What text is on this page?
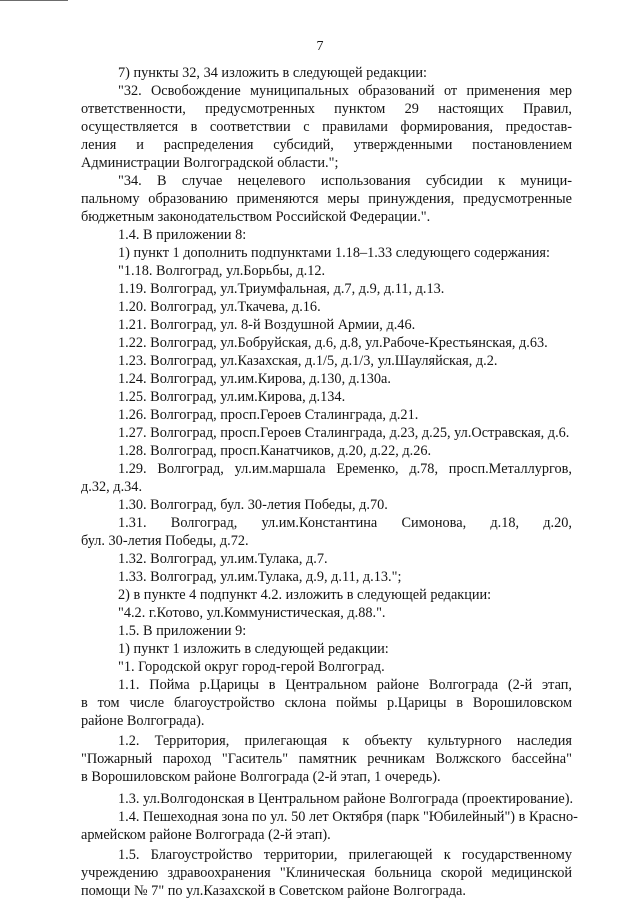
7
7) пункты 32, 34 изложить в следующей редакции:
"32. Освобождение муниципальных образований от применения мер
ответственности, предусмотренных пунктом 29 настоящих Правил,
осуществляется в соответствии с правилами формирования, предостав-
ления и распределения субсидий, утвержденными постановлением
Администрации Волгоградской области.";
"34. В случае нецелевого использования субсидии к муници-
пальному образованию применяются меры принуждения, предусмотренные
бюджетным законодательством Российской Федерации.".
1.4. В приложении 8:
1) пункт 1 дополнить подпунктами 1.18–1.33 следующего содержания:
"1.18. Волгоград, ул.Борьбы, д.12.
1.19. Волгоград, ул.Триумфальная, д.7, д.9, д.11, д.13.
1.20. Волгоград, ул.Ткачева, д.16.
1.21. Волгоград, ул. 8-й Воздушной Армии, д.46.
1.22. Волгоград, ул.Бобруйская, д.6, д.8, ул.Рабоче-Крестьянская, д.63.
1.23. Волгоград, ул.Казахская, д.1/5, д.1/3, ул.Шауляйская, д.2.
1.24. Волгоград, ул.им.Кирова, д.130, д.130а.
1.25. Волгоград, ул.им.Кирова, д.134.
1.26. Волгоград, просп.Героев Сталинграда, д.21.
1.27. Волгоград, просп.Героев Сталинграда, д.23, д.25, ул.Остравская, д.6.
1.28. Волгоград, просп.Канатчиков, д.20, д.22, д.26.
1.29. Волгоград, ул.им.маршала Еременко, д.78, просп.Металлургов,
д.32, д.34.
1.30. Волгоград, бул. 30-летия Победы, д.70.
1.31. Волгоград, ул.им.Константина Симонова, д.18, д.20,
бул. 30-летия Победы, д.72.
1.32. Волгоград, ул.им.Тулака, д.7.
1.33. Волгоград, ул.им.Тулака, д.9, д.11, д.13.";
2) в пункте 4 подпункт 4.2. изложить в следующей редакции:
"4.2. г.Котово, ул.Коммунистическая, д.88.".
1.5. В приложении 9:
1) пункт 1 изложить в следующей редакции:
"1. Городской округ город-герой Волгоград.
1.1. Пойма р.Царицы в Центральном районе Волгограда (2-й этап,
в том числе благоустройство склона поймы р.Царицы в Ворошиловском
районе Волгограда).
1.2. Территория, прилегающая к объекту культурного наследия
"Пожарный пароход "Гаситель" памятник речникам Волжского бассейна"
в Ворошиловском районе Волгограда (2-й этап, 1 очередь).
1.3. ул.Волгодонская в Центральном районе Волгограда (проектирование).
1.4. Пешеходная зона по ул. 50 лет Октября (парк "Юбилейный") в Красно-
армейском районе Волгограда (2-й этап).
1.5. Благоустройство территории, прилегающей к государственному
учреждению здравоохранения "Клиническая больница скорой медицинской
помощи № 7" по ул.Казахской в Советском районе Волгограда.
